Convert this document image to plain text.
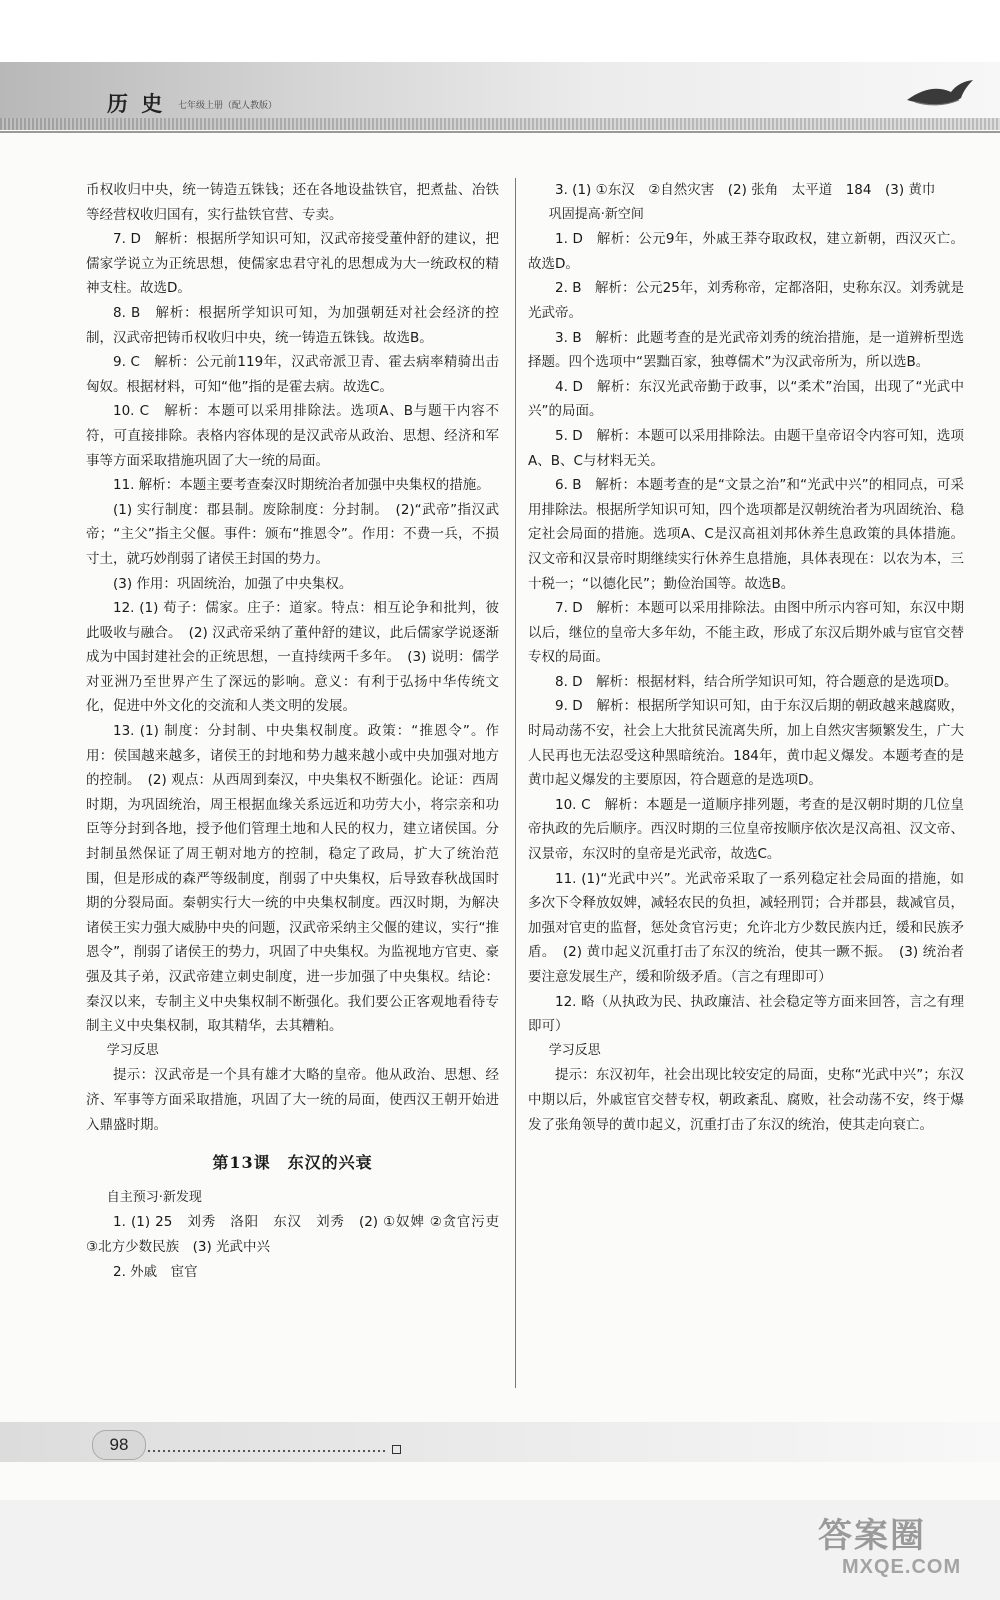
历 史 七年级上册（配人教版）

币权收归中央，统一铸造五铢钱；还在各地设盐铁官，把煮盐、冶铁等经营权收归国有，实行盐铁官营、专卖。

7. D　解析：根据所学知识可知，汉武帝接受董仲舒的建议，把儒家学说立为正统思想，使儒家忠君守礼的思想成为大一统政权的精神支柱。故选D。

8. B　解析：根据所学知识可知，为加强朝廷对社会经济的控制，汉武帝把铸币权收归中央，统一铸造五铢钱。故选B。

9. C　解析：公元前119年，汉武帝派卫青、霍去病率精骑出击匈奴。根据材料，可知“他”指的是霍去病。故选C。

10. C　解析：本题可以采用排除法。选项A、B与题干内容不符，可直接排除。表格内容体现的是汉武帝从政治、思想、经济和军事等方面采取措施巩固了大一统的局面。

11. 解析：本题主要考查秦汉时期统治者加强中央集权的措施。

(1) 实行制度：郡县制。废除制度：分封制。　(2)“武帝”指汉武帝；“主父”指主父偃。事件：颁布“推恩令”。作用：不费一兵，不损寸土，就巧妙削弱了诸侯王封国的势力。

(3) 作用：巩固统治，加强了中央集权。

12. (1) 荀子：儒家。庄子：道家。特点：相互论争和批判，彼此吸收与融合。　(2) 汉武帝采纳了董仲舒的建议，此后儒家学说逐渐成为中国封建社会的正统思想，一直持续两千多年。　(3) 说明：儒学对亚洲乃至世界产生了深远的影响。意义：有利于弘扬中华传统文化，促进中外文化的交流和人类文明的发展。

13. (1) 制度：分封制、中央集权制度。政策：“推恩令”。作用：侯国越来越多，诸侯王的封地和势力越来越小或中央加强对地方的控制。　(2) 观点：从西周到秦汉，中央集权不断强化。论证：西周时期，为巩固统治，周王根据血缘关系远近和功劳大小，将宗亲和功臣等分封到各地，授予他们管理土地和人民的权力，建立诸侯国。分封制虽然保证了周王朝对地方的控制，稳定了政局，扩大了统治范围，但是形成的森严等级制度，削弱了中央集权，后导致春秋战国时期的分裂局面。秦朝实行大一统的中央集权制度。西汉时期，为解决诸侯王实力强大威胁中央的问题，汉武帝采纳主父偃的建议，实行“推恩令”，削弱了诸侯王的势力，巩固了中央集权。为监视地方官吏、豪强及其子弟，汉武帝建立刺史制度，进一步加强了中央集权。结论：秦汉以来，专制主义中央集权制不断强化。我们要公正客观地看待专制主义中央集权制，取其精华，去其糟粕。

学习反思

提示：汉武帝是一个具有雄才大略的皇帝。他从政治、思想、经济、军事等方面采取措施，巩固了大一统的局面，使西汉王朝开始进入鼎盛时期。

第13课　东汉的兴衰

自主预习·新发现

1. (1) 25　刘秀　洛阳　东汉　刘秀　(2) ①奴婢 ②贪官污吏　③北方少数民族　(3) 光武中兴

2. 外戚　宦官

3. (1) ①东汉　②自然灾害　(2) 张角　太平道　184　(3) 黄巾

巩固提高·新空间

1. D　解析：公元9年，外戚王莽夺取政权，建立新朝，西汉灭亡。故选D。

2. B　解析：公元25年，刘秀称帝，定都洛阳，史称东汉。刘秀就是光武帝。

3. B　解析：此题考查的是光武帝刘秀的统治措施，是一道辨析型选择题。四个选项中“罢黜百家，独尊儒术”为汉武帝所为，所以选B。

4. D　解析：东汉光武帝勤于政事，以“柔术”治国，出现了“光武中兴”的局面。

5. D　解析：本题可以采用排除法。由题干皇帝诏令内容可知，选项A、B、C与材料无关。

6. B　解析：本题考查的是“文景之治”和“光武中兴”的相同点，可采用排除法。根据所学知识可知，四个选项都是汉朝统治者为巩固统治、稳定社会局面的措施。选项A、C是汉高祖刘邦休养生息政策的具体措施。汉文帝和汉景帝时期继续实行休养生息措施，具体表现在：以农为本，三十税一；“以德化民”；勤俭治国等。故选B。

7. D　解析：本题可以采用排除法。由图中所示内容可知，东汉中期以后，继位的皇帝大多年幼，不能主政，形成了东汉后期外戚与宦官交替专权的局面。

8. D　解析：根据材料，结合所学知识可知，符合题意的是选项D。

9. D　解析：根据所学知识可知，由于东汉后期的朝政越来越腐败，时局动荡不安，社会上大批贫民流离失所，加上自然灾害频繁发生，广大人民再也无法忍受这种黑暗统治。184年，黄巾起义爆发。本题考查的是黄巾起义爆发的主要原因，符合题意的是选项D。

10. C　解析：本题是一道顺序排列题，考查的是汉朝时期的几位皇帝执政的先后顺序。西汉时期的三位皇帝按顺序依次是汉高祖、汉文帝、汉景帝，东汉时的皇帝是光武帝，故选C。

11. (1)“光武中兴”。光武帝采取了一系列稳定社会局面的措施，如多次下令释放奴婢，减轻农民的负担，减轻刑罚；合并郡县，裁减官员，加强对官吏的监督，惩处贪官污吏；允许北方少数民族内迁，缓和民族矛盾。　(2) 黄巾起义沉重打击了东汉的统治，使其一蹶不振。　(3) 统治者要注意发展生产，缓和阶级矛盾。（言之有理即可）

12. 略（从执政为民、执政廉洁、社会稳定等方面来回答，言之有理即可）

学习反思

提示：东汉初年，社会出现比较安定的局面，史称“光武中兴”；东汉中期以后，外戚宦官交替专权，朝政紊乱、腐败，社会动荡不安，终于爆发了张角领导的黄巾起义，沉重打击了东汉的统治，使其走向衰亡。

98
答案圈
MXQE.COM
